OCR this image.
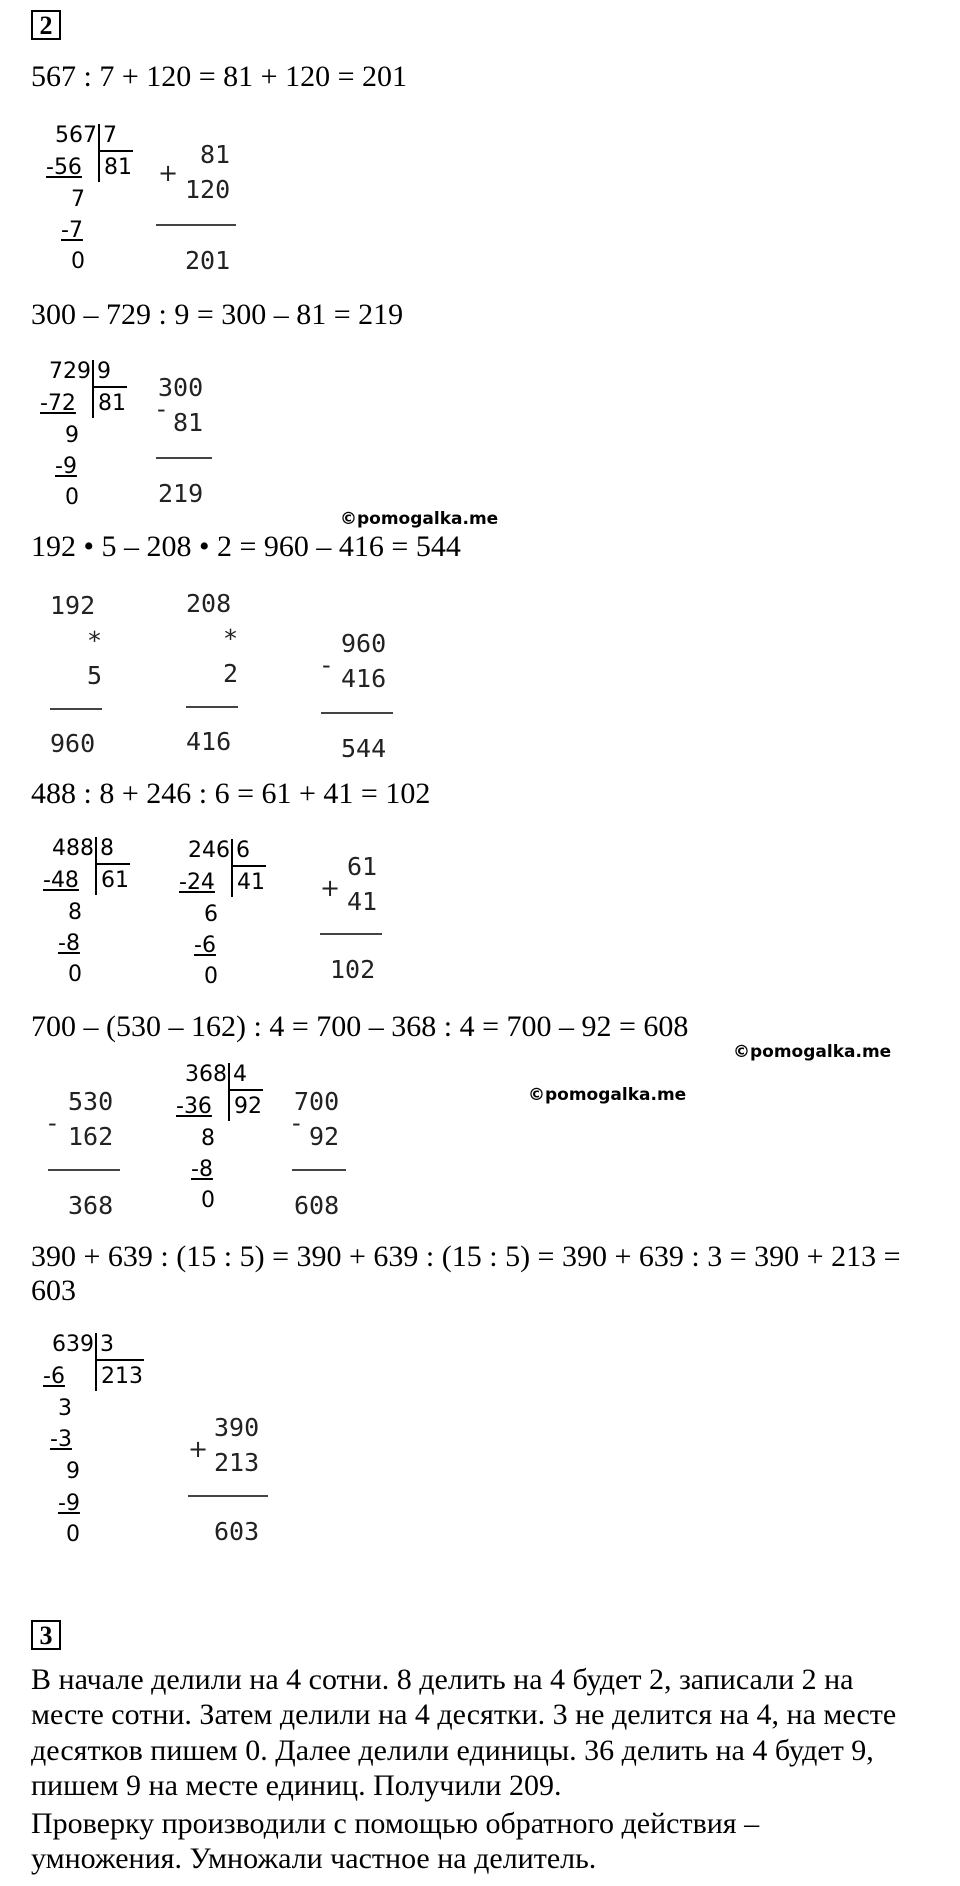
2
567 : 7 + 120 = 81 + 120 = 201
567 7
81
-56
7
-7
0
+
81
120
201
300 – 729 : 9 = 300 – 81 = 219
729 9
81
-72
9
-9
0
-
300
81
219
©pomogalka.me
192 • 5 – 208 • 2 = 960 – 416 = 544
192
*
5
960
208
*
2
416
-
960
416
544
488 : 8 + 246 : 6 = 61 + 41 = 102
488 8
61
-48
8
-8
0
246 6
41
-24
6
-6
0
+
61
41
102
700 – (530 – 162) : 4 = 700 – 368 : 4 = 700 – 92 = 608
©pomogalka.me
©pomogalka.me
-
530
162
368
368 4
92
-36
8
-8
0
-
700
92
608
390 + 639 : (15 : 5) = 390 + 639 : (15 : 5) = 390 + 639 : 3 = 390 + 213 =
603
639 3
213
-6
3
-3
9
-9
0
+
390
213
603
3
В начале делили на 4 сотни. 8 делить на 4 будет 2, записали 2 на
месте сотни. Затем делили на 4 десятки. 3 не делится на 4, на месте
десятков пишем 0. Далее делили единицы. 36 делить на 4 будет 9,
пишем 9 на месте единиц. Получили 209.
Проверку производили с помощью обратного действия –
умножения. Умножали частное на делитель.
